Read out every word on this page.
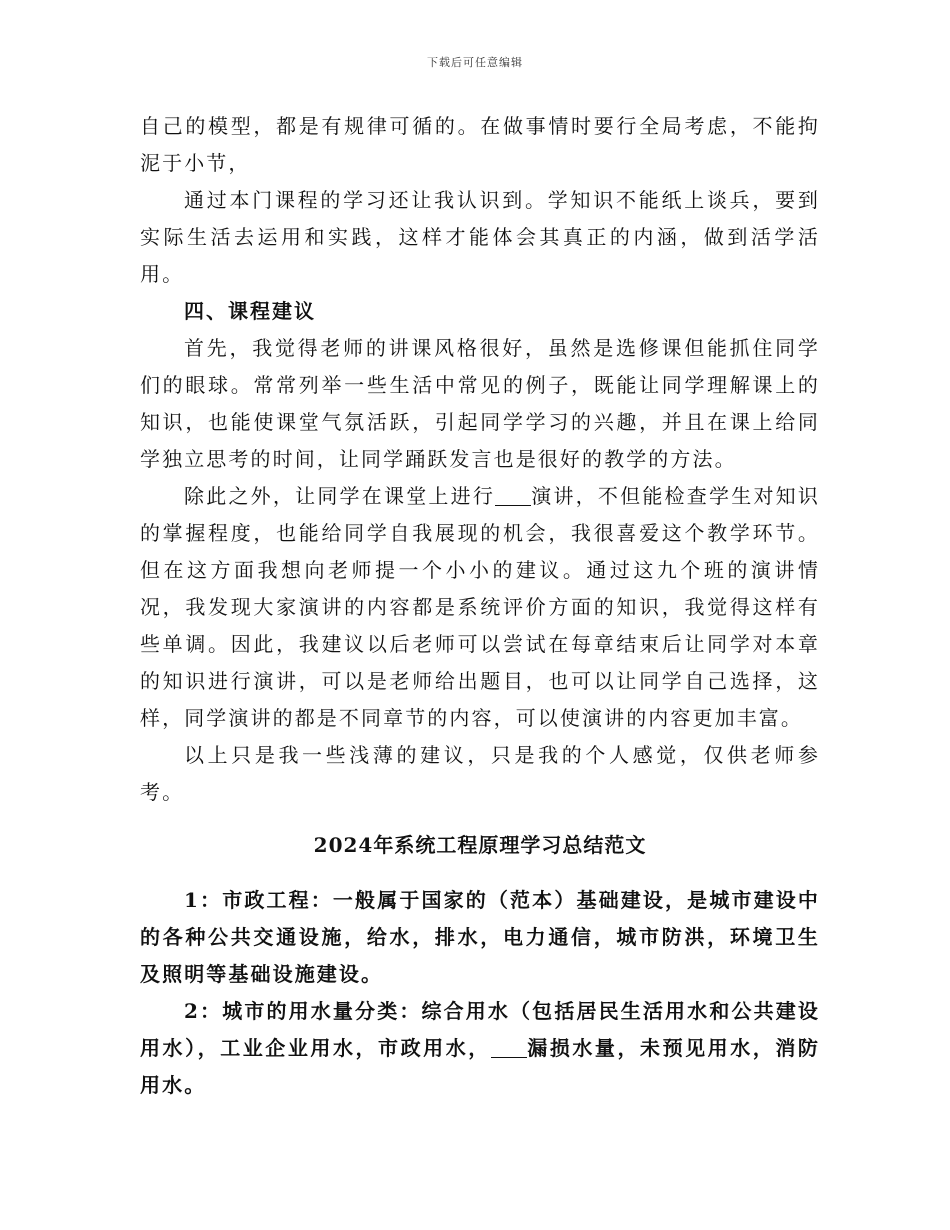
下载后可任意编辑

自己的模型，都是有规律可循的。在做事情时要行全局考虑，不能拘泥于小节，

通过本门课程的学习还让我认识到。学知识不能纸上谈兵，要到实际生活去运用和实践，这样才能体会其真正的内涵，做到活学活用。

四、课程建议

首先，我觉得老师的讲课风格很好，虽然是选修课但能抓住同学们的眼球。常常列举一些生活中常见的例子，既能让同学理解课上的知识，也能使课堂气氛活跃，引起同学学习的兴趣，并且在课上给同学独立思考的时间，让同学踊跃发言也是很好的教学的方法。

除此之外，让同学在课堂上进行 演讲，不但能检查学生对知识的掌握程度，也能给同学自我展现的机会，我很喜爱这个教学环节。但在这方面我想向老师提一个小小的建议。通过这九个班的演讲情况，我发现大家演讲的内容都是系统评价方面的知识，我觉得这样有些单调。因此，我建议以后老师可以尝试在每章结束后让同学对本章的知识进行演讲，可以是老师给出题目，也可以让同学自己选择，这样，同学演讲的都是不同章节的内容，可以使演讲的内容更加丰富。

以上只是我一些浅薄的建议，只是我的个人感觉，仅供老师参考。

2024年系统工程原理学习总结范文

1：市政工程：一般属于国家的（范本）基础建设，是城市建设中的各种公共交通设施，给水，排水，电力通信，城市防洪，环境卫生及照明等基础设施建设。

2：城市的用水量分类：综合用水（包括居民生活用水和公共建设用水），工业企业用水，市政用水， 漏损水量，未预见用水，消防用水。
